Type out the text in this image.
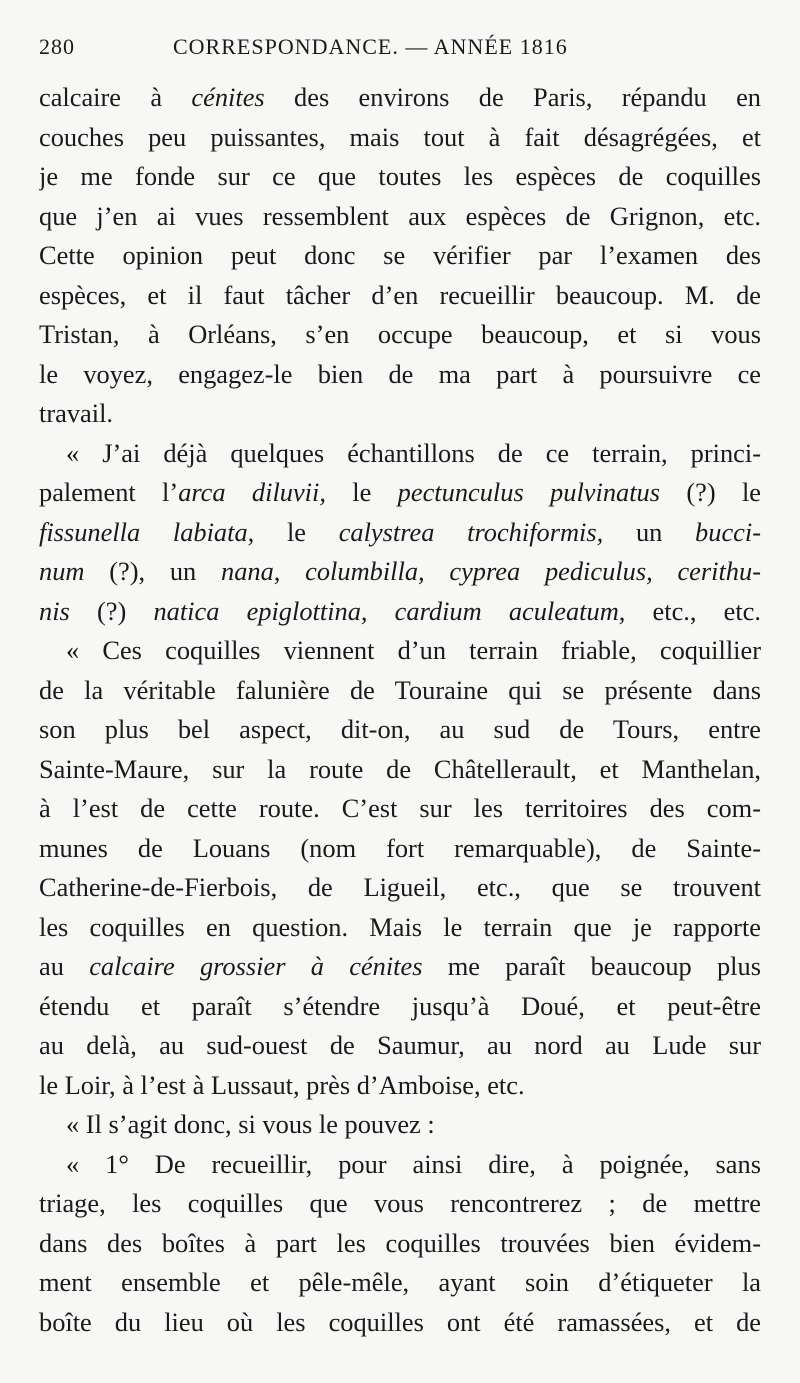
280	CORRESPONDANCE. — ANNÉE 1816
calcaire à cénites des environs de Paris, répandu en
couches peu puissantes, mais tout à fait désagrégées, et
je me fonde sur ce que toutes les espèces de coquilles
que j’en ai vues ressemblent aux espèces de Grignon, etc.
Cette opinion peut donc se vérifier par l’examen des
espèces, et il faut tâcher d’en recueillir beaucoup. M. de
Tristan, à Orléans, s’en occupe beaucoup, et si vous
le voyez, engagez-le bien de ma part à poursuivre ce
travail.
« J’ai déjà quelques échantillons de ce terrain, princi-
palement l’arca diluvii, le pectunculus pulvinatus (?) le
fissunella labiata, le calystrea trochiformis, un bucci-
num (?), un nana, columbilla, cyprea pediculus, cerithu-
nis (?) natica epiglottina, cardium aculeatum, etc., etc.
« Ces coquilles viennent d’un terrain friable, coquillier
de la véritable falunière de Touraine qui se présente dans
son plus bel aspect, dit-on, au sud de Tours, entre
Sainte-Maure, sur la route de Châtellerault, et Manthelan,
à l’est de cette route. C’est sur les territoires des com-
munes de Louans (nom fort remarquable), de Sainte-
Catherine-de-Fierbois, de Ligueil, etc., que se trouvent
les coquilles en question. Mais le terrain que je rapporte
au calcaire grossier à cénites me paraît beaucoup plus
étendu et paraît s’étendre jusqu’à Doué, et peut-être
au delà, au sud-ouest de Saumur, au nord au Lude sur
le Loir, à l’est à Lussaut, près d’Amboise, etc.
« Il s’agit donc, si vous le pouvez :
« 1° De recueillir, pour ainsi dire, à poignée, sans
triage, les coquilles que vous rencontrerez ; de mettre
dans des boîtes à part les coquilles trouvées bien évidem-
ment ensemble et pêle-mêle, ayant soin d’étiqueter la
boîte du lieu où les coquilles ont été ramassées, et de
